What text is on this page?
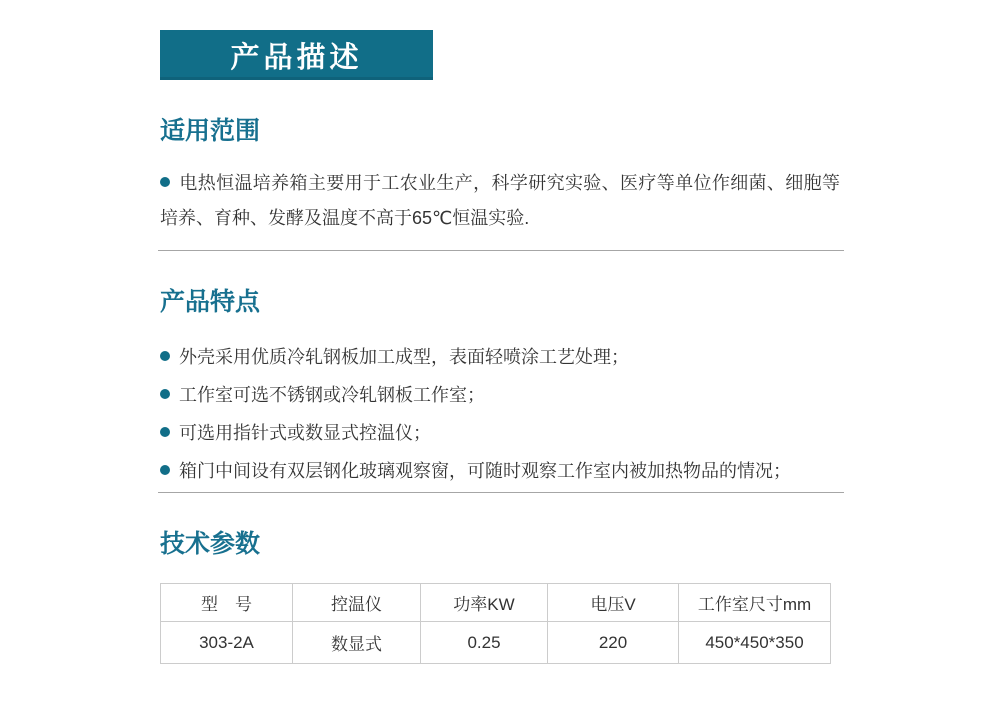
产品描述
适用范围

电热恒温培养箱主要用于工农业生产，科学研究实验、医疗等单位作细菌、细胞等培养、育种、发酵及温度不高于65℃恒温实验.

产品特点
外壳采用优质冷轧钢板加工成型，表面轻喷涂工艺处理；
工作室可选不锈钢或冷轧钢板工作室；
可选用指针式或数显式控温仪；
箱门中间设有双层钢化玻璃观察窗，可随时观察工作室内被加热物品的情况；
技术参数
型　号	控温仪	功率KW	电压V	工作室尺寸mm
303-2A	数显式	0.25	220	450*450*350
